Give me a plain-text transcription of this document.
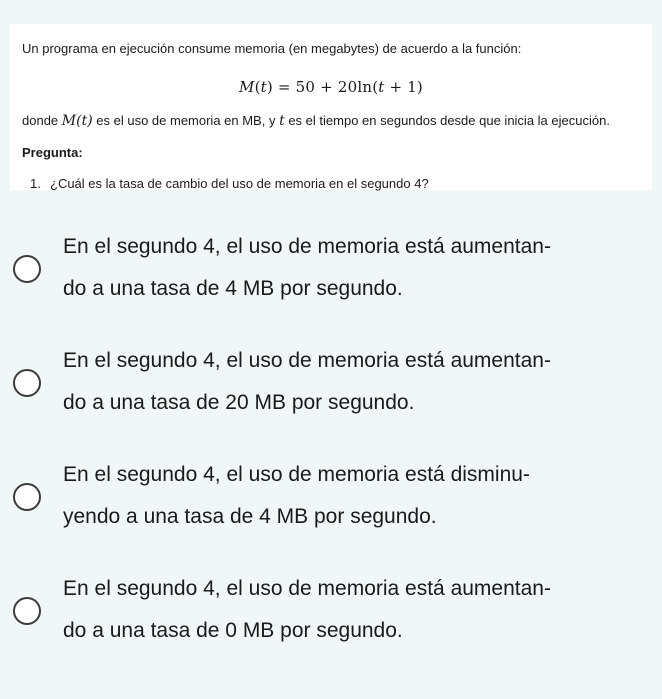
Un programa en ejecución consume memoria (en megabytes) de acuerdo a la función:

M(t) = 50 + 20ln(t + 1)
donde M(t) es el uso de memoria en MB, y t es el tiempo en segundos desde que inicia la ejecución.
Pregunta:
1. ¿Cuál es la tasa de cambio del uso de memoria en el segundo 4?

En el segundo 4, el uso de memoria está aumentan-
do a una tasa de 4 MB por segundo.

En el segundo 4, el uso de memoria está aumentan-
do a una tasa de 20 MB por segundo.

En el segundo 4, el uso de memoria está disminu-
yendo a una tasa de 4 MB por segundo.

En el segundo 4, el uso de memoria está aumentan-
do a una tasa de 0 MB por segundo.
